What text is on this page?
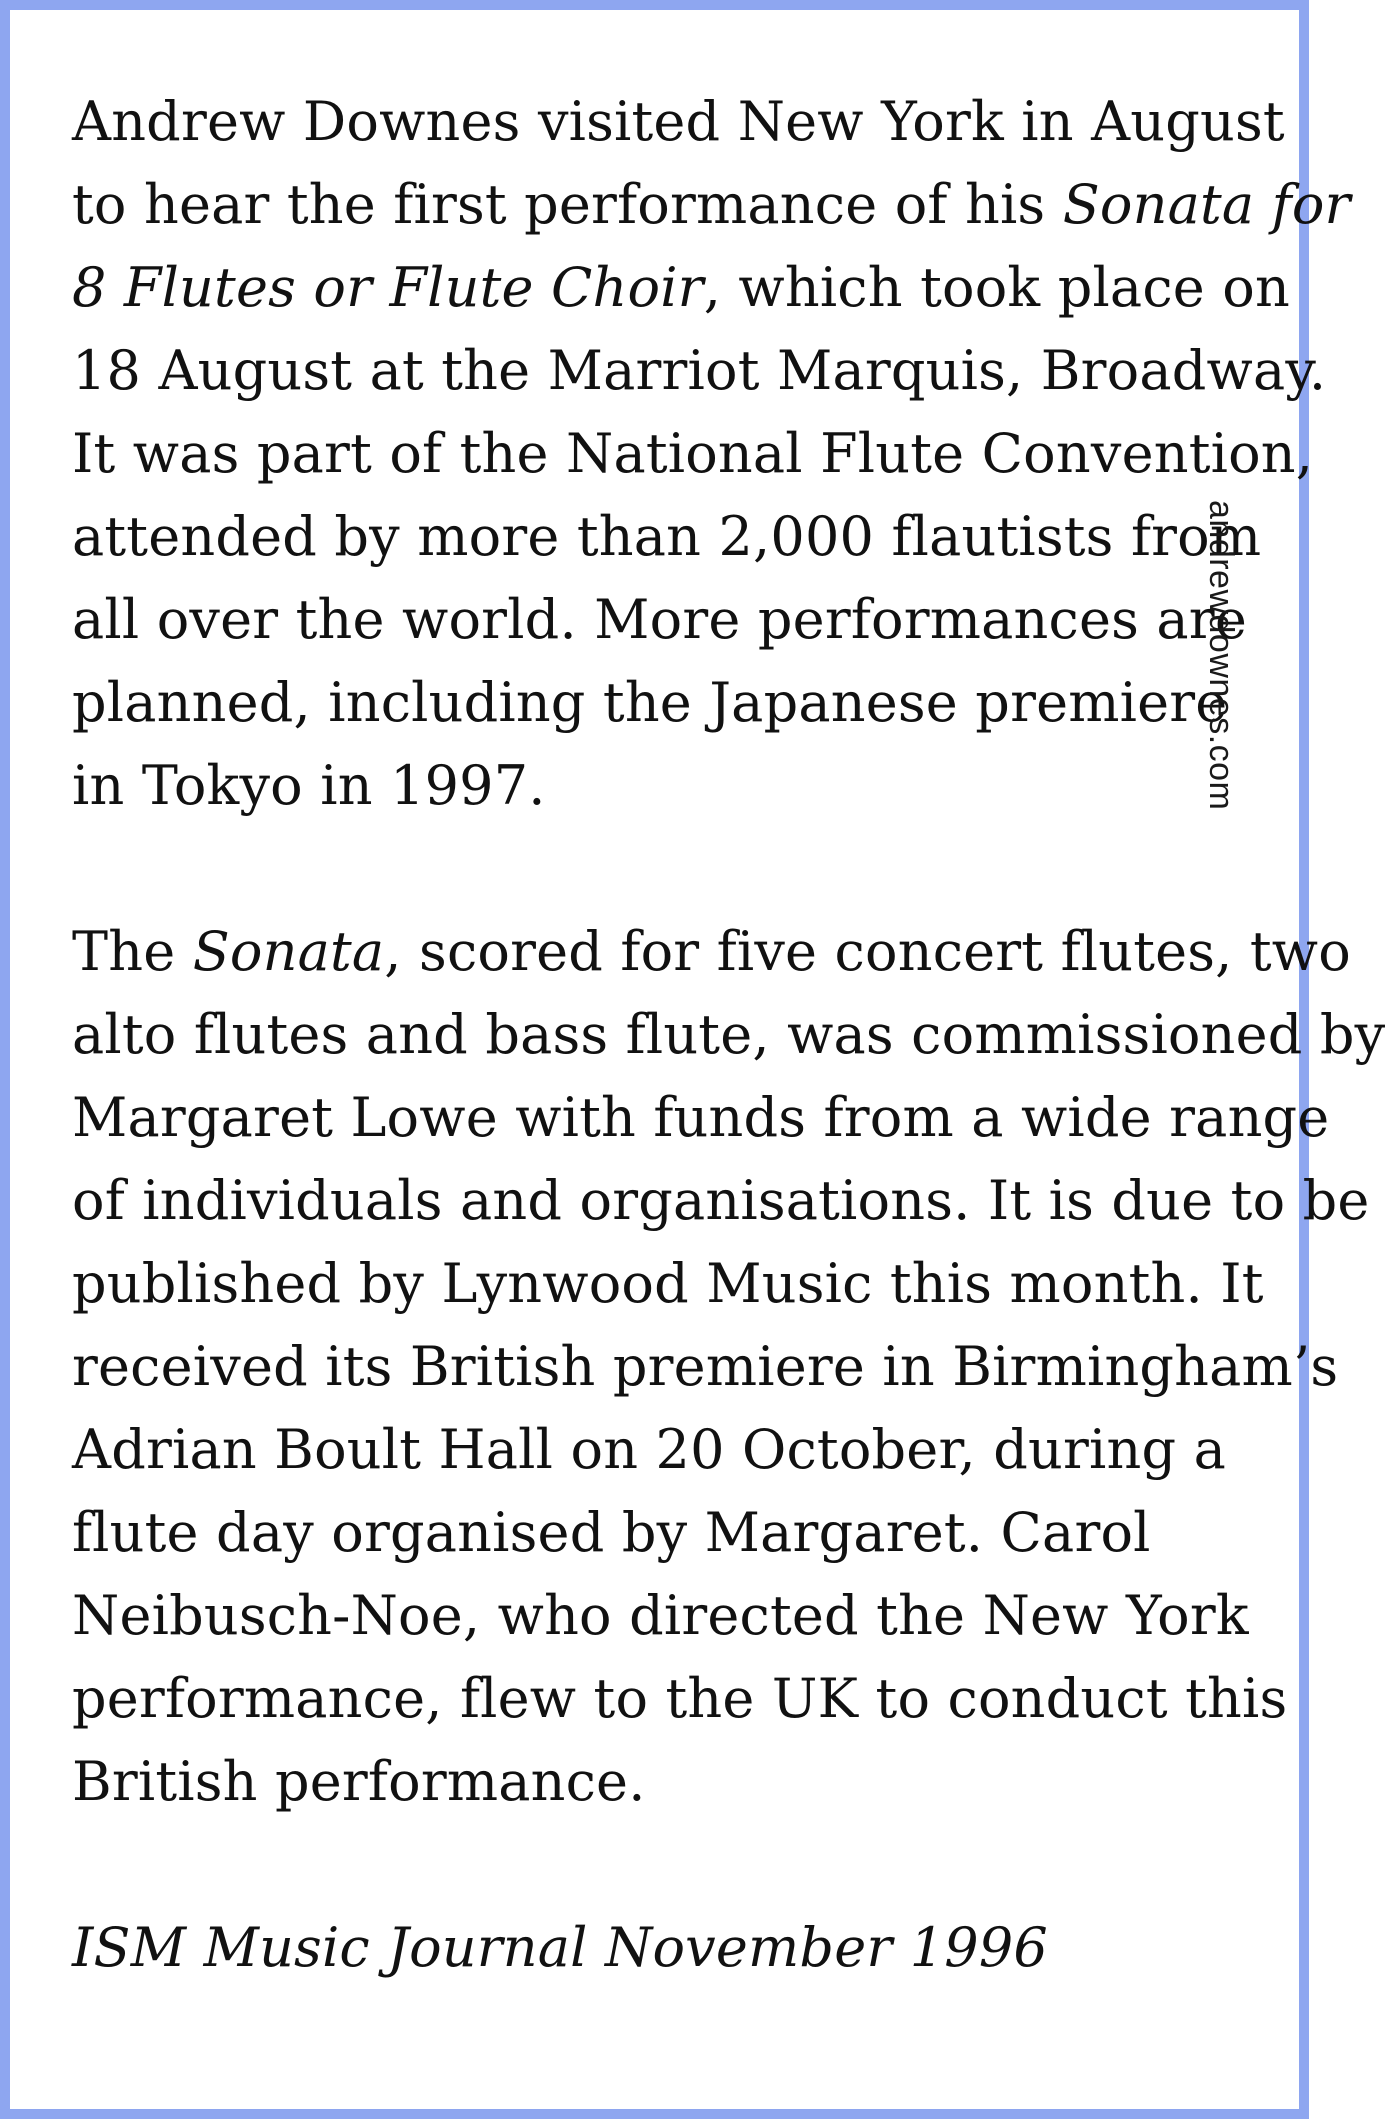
Andrew Downes visited New York in August
to hear the first performance of his Sonata for
8 Flutes or Flute Choir, which took place on
18 August at the Marriot Marquis, Broadway.
It was part of the National Flute Convention,
attended by more than 2,000 flautists from
all over the world. More performances are
planned, including the Japanese premiere
in Tokyo in 1997.

The Sonata, scored for five concert flutes, two
alto flutes and bass flute, was commissioned by
Margaret Lowe with funds from a wide range
of individuals and organisations. It is due to be
published by Lynwood Music this month. It
received its British premiere in Birmingham’s
Adrian Boult Hall on 20 October, during a
flute day organised by Margaret. Carol
Neibusch-Noe, who directed the New York
performance, flew to the UK to conduct this
British performance.

ISM Music Journal November 1996

andrewdownes.com
